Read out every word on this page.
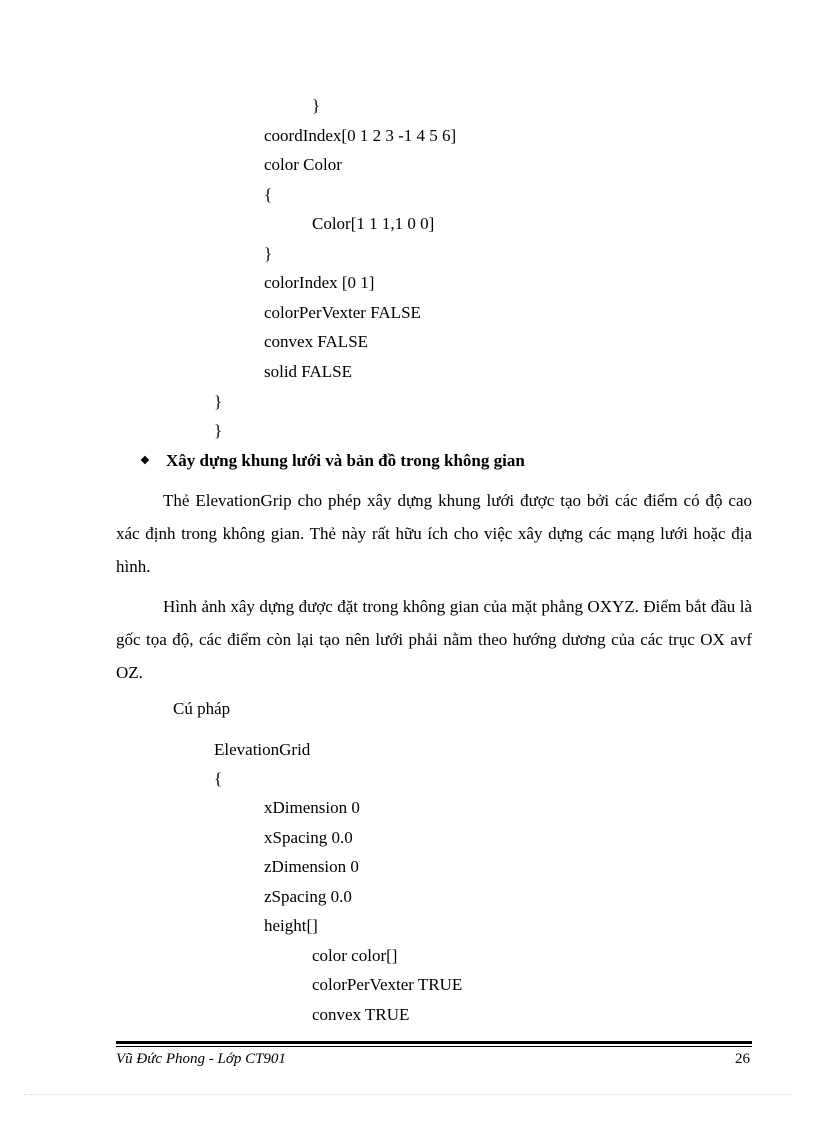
}
coordIndex[0 1 2 3 -1 4 5 6]
color Color
{
Color[1 1 1,1 0 0]
}
colorIndex [0 1]
colorPerVexter FALSE
convex FALSE
solid FALSE
}
}
❖ Xây dựng khung lưới và bản đồ trong không gian

Thẻ ElevationGrip cho phép xây dựng khung lưới được tạo bởi các điểm có độ cao xác định trong không gian. Thẻ này rất hữu ích cho việc xây dựng các mạng lưới hoặc địa hình.

Hình ảnh xây dựng được đặt trong không gian của mặt phẳng OXYZ. Điểm bắt đầu là gốc tọa độ, các điểm còn lại tạo nên lưới phải nằm theo hướng dương của các trục OX avf OZ.

Cú pháp
ElevationGrid
{
xDimension 0
xSpacing 0.0
zDimension 0
zSpacing 0.0
height[]
color color[]
colorPerVexter TRUE
convex TRUE
Vũ Đức Phong - Lớp CT901	26
